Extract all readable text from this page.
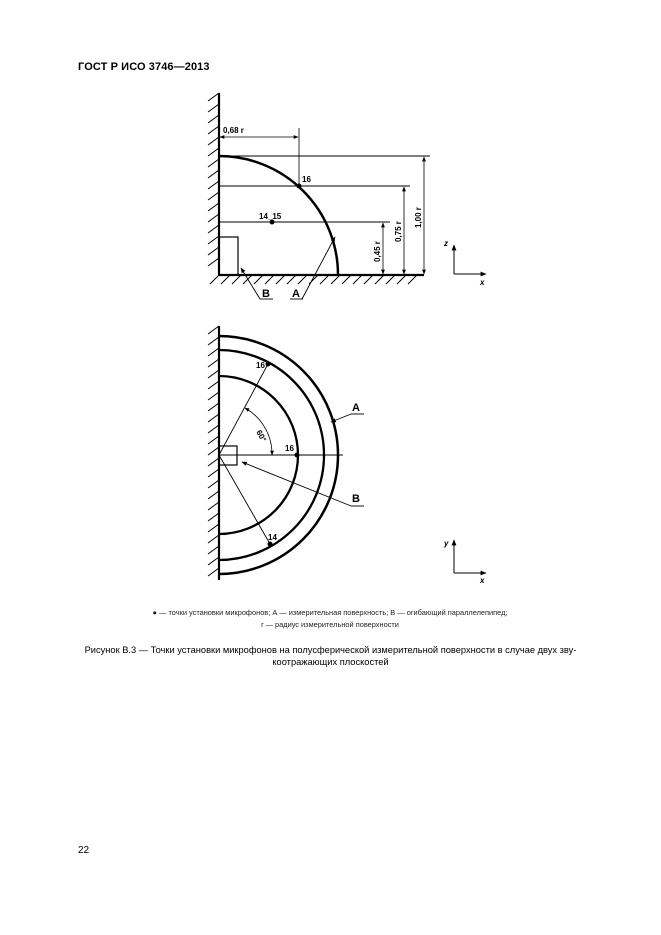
ГОСТ Р ИСО 3746—2013
0,68 r
0,45 r
0,75 r
1,00 r
16
14_15
A
B
z
x
60°
16
16
14
A
B
y
x
● — точки установки микрофонов; А — измерительная поверхность; В — огибающий параллелепипед;
r — радиус измерительной поверхности
Рисунок В.3 — Точки установки микрофонов на полусферической измерительной поверхности в случае двух зву-
коотражающих плоскостей
22
